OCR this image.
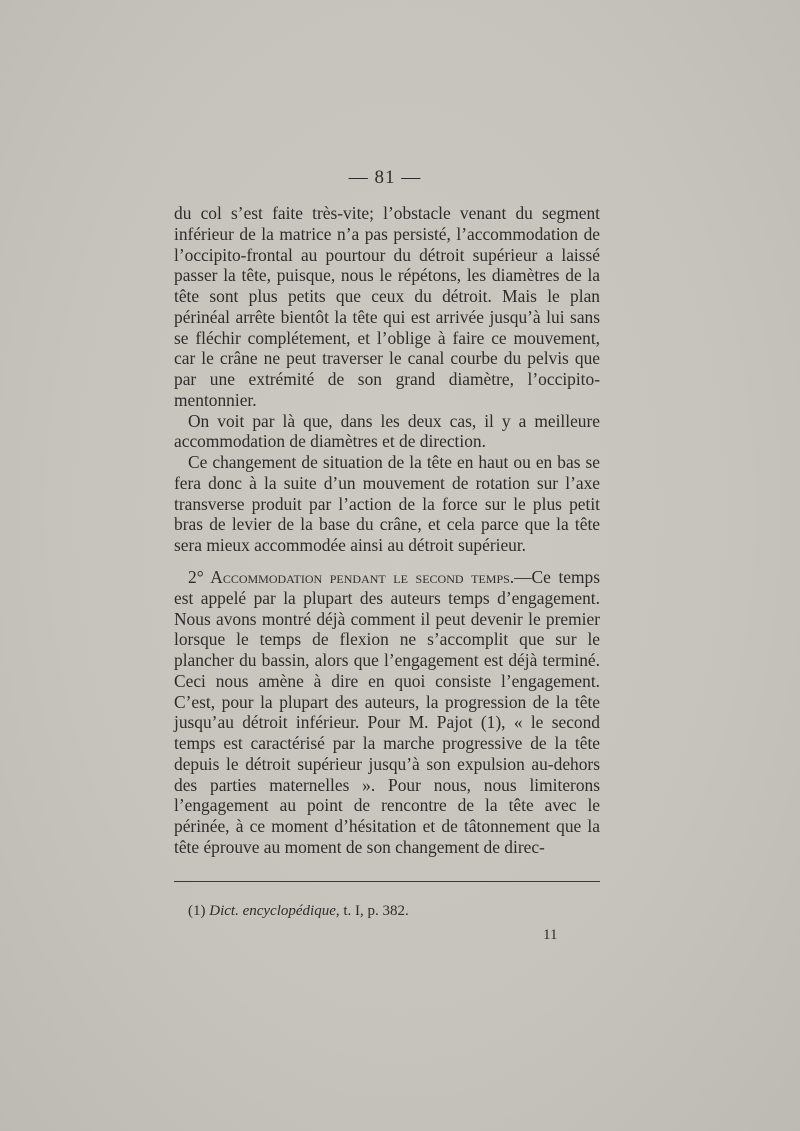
— 81 —

du col s’est faite très-vite; l’obstacle venant du segment inférieur de la matrice n’a pas persisté, l’accommodation de l’occipito-frontal au pourtour du détroit supérieur a laissé passer la tête, puisque, nous le répétons, les diamètres de la tête sont plus petits que ceux du détroit. Mais le plan périnéal arrête bientôt la tête qui est arrivée jusqu’à lui sans se fléchir complétement, et l’oblige à faire ce mouvement, car le crâne ne peut traverser le canal courbe du pelvis que par une extrémité de son grand diamètre, l’occipito-mentonnier.

On voit par là que, dans les deux cas, il y a meilleure accommodation de diamètres et de direction.

Ce changement de situation de la tête en haut ou en bas se fera donc à la suite d’un mouvement de rotation sur l’axe transverse produit par l’action de la force sur le plus petit bras de levier de la base du crâne, et cela parce que la tête sera mieux accommodée ainsi au détroit supérieur.

2° Accommodation pendant le second temps.—Ce temps est appelé par la plupart des auteurs temps d’engagement. Nous avons montré déjà comment il peut devenir le premier lorsque le temps de flexion ne s’accomplit que sur le plancher du bassin, alors que l’engagement est déjà terminé. Ceci nous amène à dire en quoi consiste l’engagement. C’est, pour la plupart des auteurs, la progression de la tête jusqu’au détroit inférieur. Pour M. Pajot (1), « le second temps est caractérisé par la marche progressive de la tête depuis le détroit supérieur jusqu’à son expulsion au-dehors des parties maternelles ». Pour nous, nous limiterons l’engagement au point de rencontre de la tête avec le périnée, à ce moment d’hésitation et de tâtonnement que la tête éprouve au moment de son changement de direc-

(1) Dict. encyclopédique, t. I, p. 382.
11
